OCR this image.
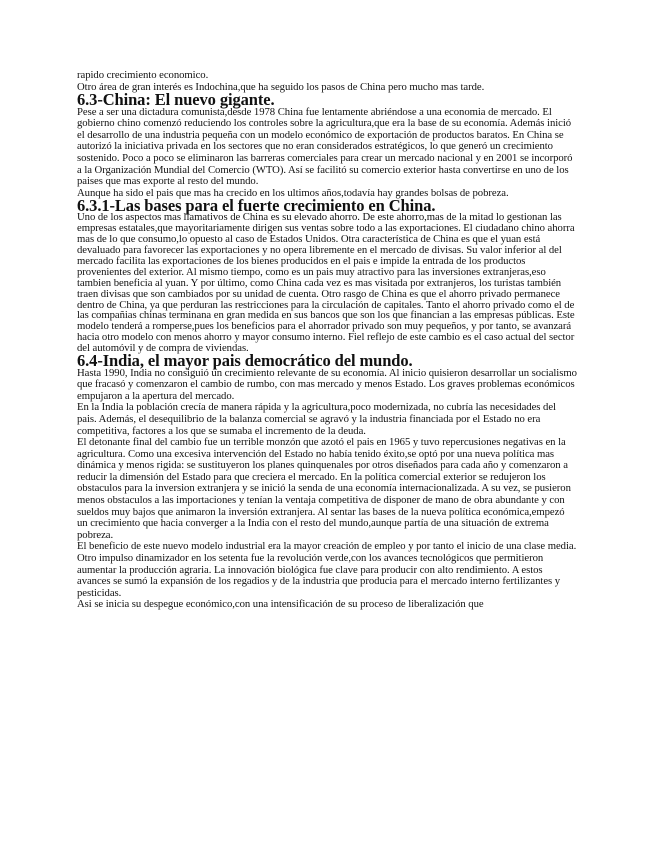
rapido crecimiento economico.

Otro área de gran interés es Indochina,que ha seguido los pasos de China pero mucho mas tarde.

6.3-China: El nuevo gigante.

Pese a ser una dictadura comunista,desde 1978 China fue lentamente abriéndose a una economia de mercado. El gobierno chino comenzó reduciendo los controles sobre la agricultura,que era la base de su economía. Además inició el desarrollo de una industria pequeña con un modelo económico de exportación de productos baratos. En China se autorizó la iniciativa privada en los sectores que no eran considerados estratégicos, lo que generó un crecimiento sostenido. Poco a poco se eliminaron las barreras comerciales para crear un mercado nacional y en 2001 se incorporó a la Organización Mundial del Comercio (WTO). Así se facilitó su comercio exterior hasta convertirse en uno de los paises que mas exporte al resto del mundo.

Aunque ha sido el pais que mas ha crecido en los ultimos años,todavía hay grandes bolsas de pobreza.

6.3.1-Las bases para el fuerte crecimiento en China.

Uno de los aspectos mas llamativos de China es su elevado ahorro. De este ahorro,mas de la mitad lo gestionan las empresas estatales,que mayoritariamente dirigen sus ventas sobre todo a las exportaciones. El ciudadano chino ahorra mas de lo que consumo,lo opuesto al caso de Estados Unidos. Otra característica de China es que el yuan está devaluado para favorecer las exportaciones y no opera libremente en el mercado de divisas. Su valor inferior al del mercado facilita las exportaciones de los bienes producidos en el pais e impide la entrada de los productos provenientes del exterior. Al mismo tiempo, como es un pais muy atractivo para las inversiones extranjeras,eso tambien beneficia al yuan. Y por último, como China cada vez es mas visitada por extranjeros, los turistas también traen divisas que son cambiados por su unidad de cuenta. Otro rasgo de China es que el ahorro privado permanece dentro de China, ya que perduran las restricciones para la circulación de capitales. Tanto el ahorro privado como el de las compañias chinas terminana en gran medida en sus bancos que son los que financian a las empresas públicas. Este modelo tenderá a romperse,pues los beneficios para el ahorrador privado son muy pequeños, y por tanto, se avanzará hacia otro modelo con menos ahorro y mayor consumo interno. Fiel reflejo de este cambio es el caso actual del sector del automóvil y de compra de viviendas.

6.4-India, el mayor pais democrático del mundo.

Hasta 1990, India no consiguió un crecimiento relevante de su economía. Al inicio quisieron desarrollar un socialismo que fracasó y comenzaron el cambio de rumbo, con mas mercado y menos Estado. Los graves problemas económicos empujaron a la apertura del mercado.

En la India la población crecía de manera rápida y la agricultura,poco modernizada, no cubría las necesidades del pais. Además, el desequilibrio de la balanza comercial se agravó y la industria financiada por el Estado no era competitiva, factores a los que se sumaba el incremento de la deuda.

El detonante final del cambio fue un terrible monzón que azotó el pais en 1965 y tuvo repercusiones negativas en la agricultura. Como una excesiva intervención del Estado no había tenido éxito,se optó por una nueva política mas dinámica y menos rigida: se sustituyeron los planes quinquenales por otros diseñados para cada año y comenzaron a reducir la dimensión del Estado para que creciera el mercado. En la política comercial exterior se redujeron los obstaculos para la inversion extranjera y se inició la senda de una economía internacionalizada. A su vez, se pusieron menos obstaculos a las importaciones y tenían la ventaja competitiva de disponer de mano de obra abundante y con sueldos muy bajos que animaron la inversión extranjera. Al sentar las bases de la nueva política económica,empezó un crecimiento que hacia converger a la India con el resto del mundo,aunque partía de una situación de extrema pobreza.

El beneficio de este nuevo modelo industrial era la mayor creación de empleo y por tanto el inicio de una clase media. Otro impulso dinamizador en los setenta fue la revolución verde,con los avances tecnológicos que permitieron aumentar la producción agraria. La innovación biológica fue clave para producir con alto rendimiento. A estos avances se sumó la expansión de los regadios y de la industria que producia para el mercado interno fertilizantes y pesticidas.

Asi se inicia su despegue económico,con una intensificación de su proceso de liberalización que
